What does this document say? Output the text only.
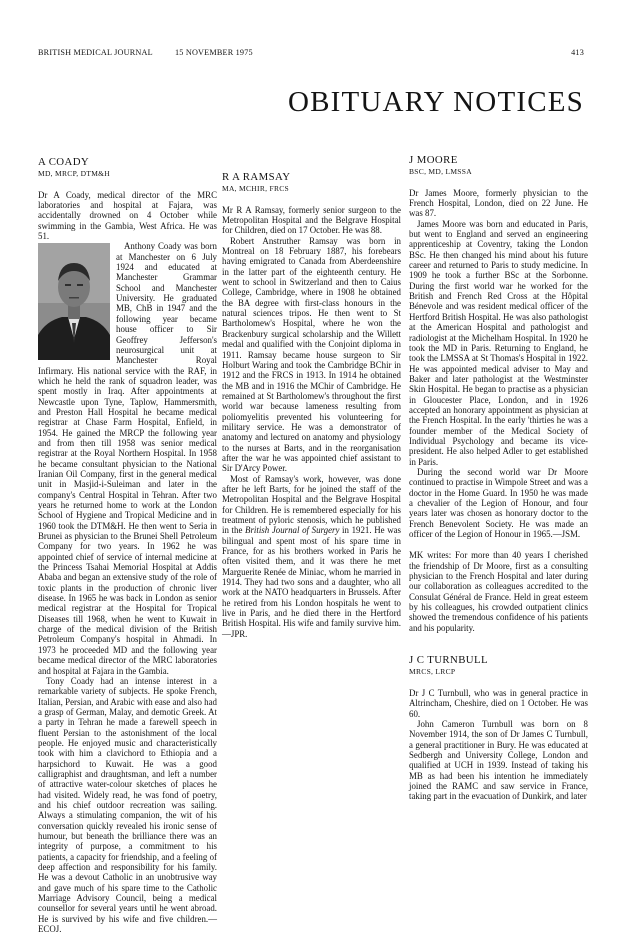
BRITISH MEDICAL JOURNAL	15 NOVEMBER 1975	413
OBITUARY NOTICES
A COADY
MD, MRCP, DTM&H

Dr A Coady, medical director of the MRC laboratories and hospital at Fajara, was accidentally drowned on 4 October while swimming in the Gambia, West Africa. He was 51.

Anthony Coady was born at Manchester on 6 July 1924 and educated at Manchester Grammar School and Manchester University. He graduated MB, ChB in 1947 and the following year became house officer to Sir Geoffrey Jefferson's neurosurgical unit at Manchester Royal Infirmary. His national service with the RAF, in which he held the rank of squadron leader, was spent mostly in Iraq. After appointments at Newcastle upon Tyne, Taplow, Hammersmith, and Preston Hall Hospital he became medical registrar at Chase Farm Hospital, Enfield, in 1954. He gained the MRCP the following year and from then till 1958 was senior medical registrar at the Royal Northern Hospital. In 1958 he became consultant physician to the National Iranian Oil Company, first in the general medical unit in Masjid-i-Suleiman and later in the company's Central Hospital in Tehran. After two years he returned home to work at the London School of Hygiene and Tropical Medicine and in 1960 took the DTM&H. He then went to Seria in Brunei as physician to the Brunei Shell Petroleum Company for two years. In 1962 he was appointed chief of service of internal medicine at the Princess Tsahai Memorial Hospital at Addis Ababa and began an extensive study of the role of toxic plants in the production of chronic liver disease. In 1965 he was back in London as senior medical registrar at the Hospital for Tropical Diseases till 1968, when he went to Kuwait in charge of the medical division of the British Petroleum Company's hospital in Ahmadi. In 1973 he proceeded MD and the following year became medical director of the MRC laboratories and hospital at Fajara in the Gambia.

Tony Coady had an intense interest in a remarkable variety of subjects. He spoke French, Italian, Persian, and Arabic with ease and also had a grasp of German, Malay, and demotic Greek. At a party in Tehran he made a farewell speech in fluent Persian to the astonishment of the local people. He enjoyed music and characteristically took with him a clavichord to Ethiopia and a harpsichord to Kuwait. He was a good calligraphist and draughtsman, and left a number of attractive water-colour sketches of places he had visited. Widely read, he was fond of poetry, and his chief outdoor recreation was sailing. Always a stimulating companion, the wit of his conversation quickly revealed his ironic sense of humour, but beneath the brilliance there was an integrity of purpose, a commitment to his patients, a capacity for friendship, and a feeling of deep affection and responsibility for his family. He was a devout Catholic in an unobtrusive way and gave much of his spare time to the Catholic Marriage Advisory Council, being a medical counsellor for several years until he went abroad. He is survived by his wife and five children.—ECOJ.

R A RAMSAY
MA, MCHIR, FRCS

Mr R A Ramsay, formerly senior surgeon to the Metropolitan Hospital and the Belgrave Hospital for Children, died on 17 October. He was 88.

Robert Anstruther Ramsay was born in Montreal on 18 February 1887, his forebears having emigrated to Canada from Aberdeenshire in the latter part of the eighteenth century. He went to school in Switzerland and then to Caius College, Cambridge, where in 1908 he obtained the BA degree with first-class honours in the natural sciences tripos. He then went to St Bartholomew's Hospital, where he won the Brackenbury surgical scholarship and the Willett medal and qualified with the Conjoint diploma in 1911. Ramsay became house surgeon to Sir Holburt Waring and took the Cambridge BChir in 1912 and the FRCS in 1913. In 1914 he obtained the MB and in 1916 the MChir of Cambridge. He remained at St Bartholomew's throughout the first world war because lameness resulting from poliomyelitis prevented his volunteering for military service. He was a demonstrator of anatomy and lectured on anatomy and physiology to the nurses at Barts, and in the reorganisation after the war he was appointed chief assistant to Sir D'Arcy Power.

Most of Ramsay's work, however, was done after he left Barts, for he joined the staff of the Metropolitan Hospital and the Belgrave Hospital for Children. He is remembered especially for his treatment of pyloric stenosis, which he published in the British Journal of Surgery in 1921. He was bilingual and spent most of his spare time in France, for as his brothers worked in Paris he often visited them, and it was there he met Marguerite Renée de Miniac, whom he married in 1914. They had two sons and a daughter, who all work at the NATO headquarters in Brussels. After he retired from his London hospitals he went to live in Paris, and he died there in the Hertford British Hospital. His wife and family survive him.—JPR.

J MOORE
BSC, MD, LMSSA

Dr James Moore, formerly physician to the French Hospital, London, died on 22 June. He was 87.

James Moore was born and educated in Paris, but went to England and served an engineering apprenticeship at Coventry, taking the London BSc. He then changed his mind about his future career and returned to Paris to study medicine. In 1909 he took a further BSc at the Sorbonne. During the first world war he worked for the British and French Red Cross at the Hôpital Bénevole and was resident medical officer of the Hertford British Hospital. He was also pathologist at the American Hospital and pathologist and radiologist at the Michelham Hospital. In 1920 he took the MD in Paris. Returning to England, he took the LMSSA at St Thomas's Hospital in 1922. He was appointed medical adviser to May and Baker and later pathologist at the Westminster Skin Hospital. He began to practise as a physician in Gloucester Place, London, and in 1926 accepted an honorary appointment as physician at the French Hospital. In the early 'thirties he was a founder member of the Medical Society of Individual Psychology and became its vice-president. He also helped Adler to get established in Paris.

During the second world war Dr Moore continued to practise in Wimpole Street and was a doctor in the Home Guard. In 1950 he was made a chevalier of the Legion of Honour, and four years later was chosen as honorary doctor to the French Benevolent Society. He was made an officer of the Legion of Honour in 1965.—JSM.

MK writes: For more than 40 years I cherished the friendship of Dr Moore, first as a consulting physician to the French Hospital and later during our collaboration as colleagues accredited to the Consulat Général de France. Held in great esteem by his colleagues, his crowded outpatient clinics showed the tremendous confidence of his patients and his popularity.

J C TURNBULL
MRCS, LRCP

Dr J C Turnbull, who was in general practice in Altrincham, Cheshire, died on 1 October. He was 60.

John Cameron Turnbull was born on 8 November 1914, the son of Dr James C Turnbull, a general practitioner in Bury. He was educated at Sedbergh and University College, London and qualified at UCH in 1939. Instead of taking his MB as had been his intention he immediately joined the RAMC and saw service in France, taking part in the evacuation of Dunkirk, and later
